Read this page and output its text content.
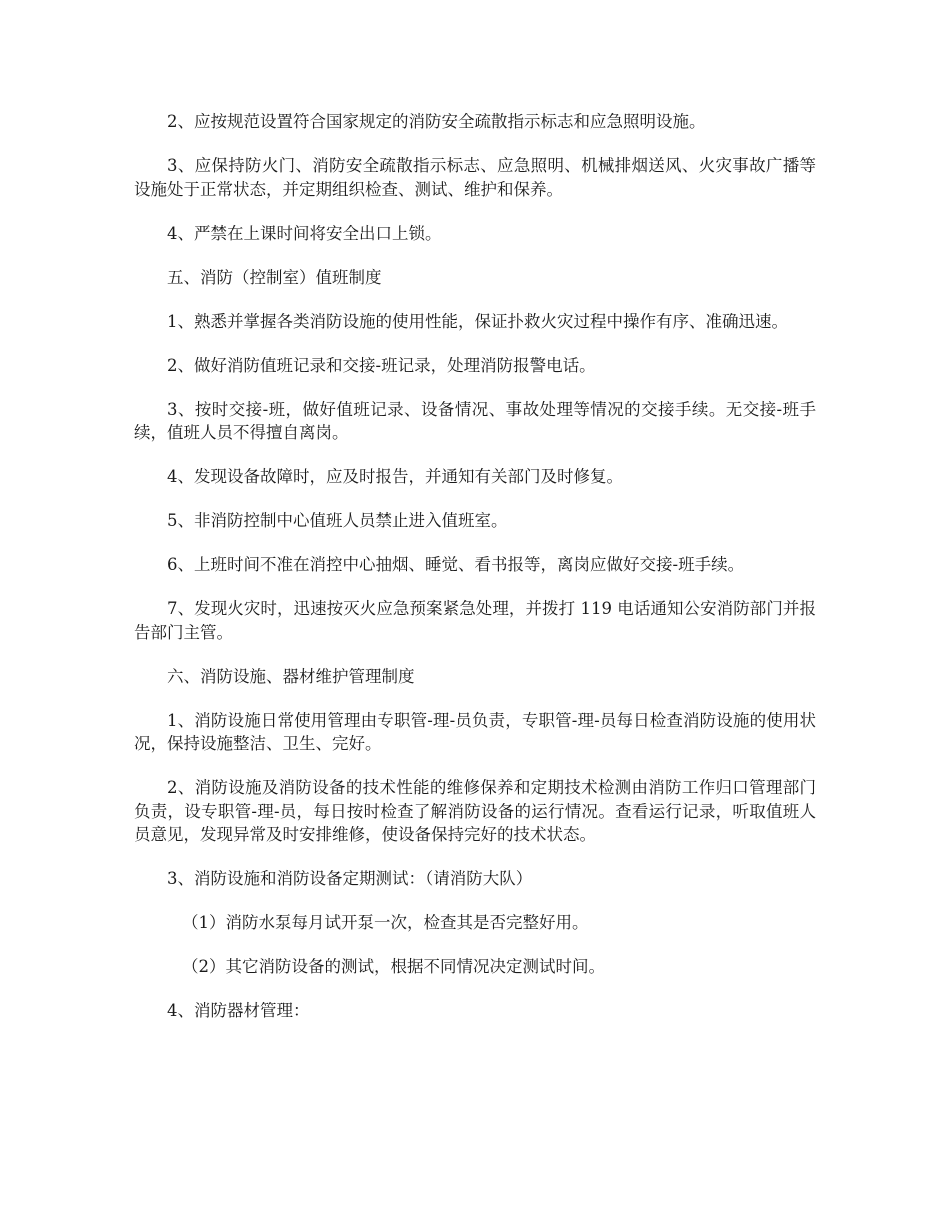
2、应按规范设置符合国家规定的消防安全疏散指示标志和应急照明设施。

3、应保持防火门、消防安全疏散指示标志、应急照明、机械排烟送风、火灾事故广播等设施处于正常状态，并定期组织检查、测试、维护和保养。

4、严禁在上课时间将安全出口上锁。

五、消防（控制室）值班制度

1、熟悉并掌握各类消防设施的使用性能，保证扑救火灾过程中操作有序、准确迅速。

2、做好消防值班记录和交接-班记录，处理消防报警电话。

3、按时交接-班，做好值班记录、设备情况、事故处理等情况的交接手续。无交接-班手续，值班人员不得擅自离岗。

4、发现设备故障时，应及时报告，并通知有关部门及时修复。

5、非消防控制中心值班人员禁止进入值班室。

6、上班时间不准在消控中心抽烟、睡觉、看书报等，离岗应做好交接-班手续。

7、发现火灾时，迅速按灭火应急预案紧急处理，并拨打 119 电话通知公安消防部门并报告部门主管。

六、消防设施、器材维护管理制度

1、消防设施日常使用管理由专职管-理-员负责，专职管-理-员每日检查消防设施的使用状况，保持设施整洁、卫生、完好。

2、消防设施及消防设备的技术性能的维修保养和定期技术检测由消防工作归口管理部门负责，设专职管-理-员，每日按时检查了解消防设备的运行情况。查看运行记录，听取值班人员意见，发现异常及时安排维修，使设备保持完好的技术状态。

3、消防设施和消防设备定期测试：（请消防大队）

（1）消防水泵每月试开泵一次，检查其是否完整好用。

（2）其它消防设备的测试，根据不同情况决定测试时间。

4、消防器材管理：
